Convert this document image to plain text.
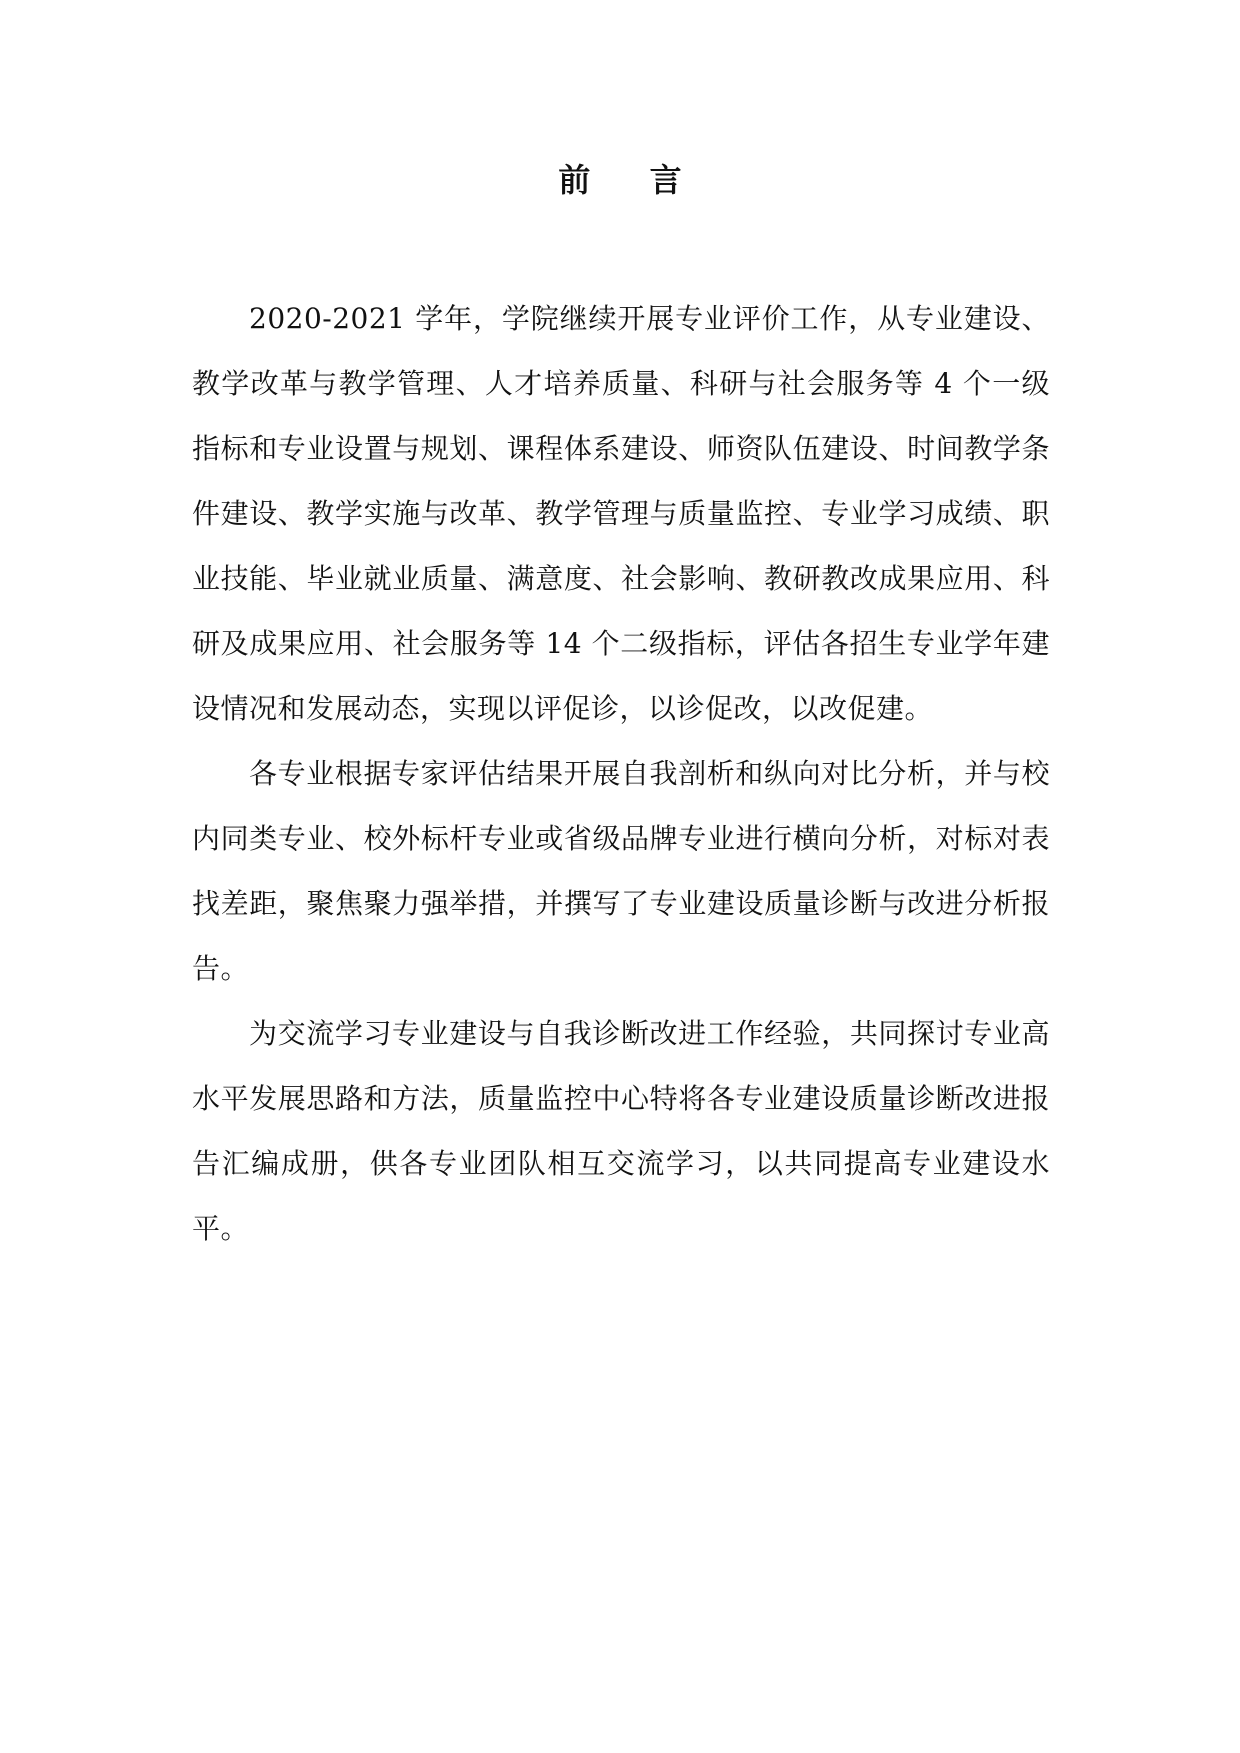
前 言

2020-2021 学年，学院继续开展专业评价工作，从专业建设、教学改革与教学管理、人才培养质量、科研与社会服务等 4 个一级指标和专业设置与规划、课程体系建设、师资队伍建设、时间教学条件建设、教学实施与改革、教学管理与质量监控、专业学习成绩、职业技能、毕业就业质量、满意度、社会影响、教研教改成果应用、科研及成果应用、社会服务等 14 个二级指标，评估各招生专业学年建设情况和发展动态，实现以评促诊，以诊促改，以改促建。

各专业根据专家评估结果开展自我剖析和纵向对比分析，并与校内同类专业、校外标杆专业或省级品牌专业进行横向分析，对标对表找差距，聚焦聚力强举措，并撰写了专业建设质量诊断与改进分析报告。

为交流学习专业建设与自我诊断改进工作经验，共同探讨专业高水平发展思路和方法，质量监控中心特将各专业建设质量诊断改进报告汇编成册，供各专业团队相互交流学习，以共同提高专业建设水平。
